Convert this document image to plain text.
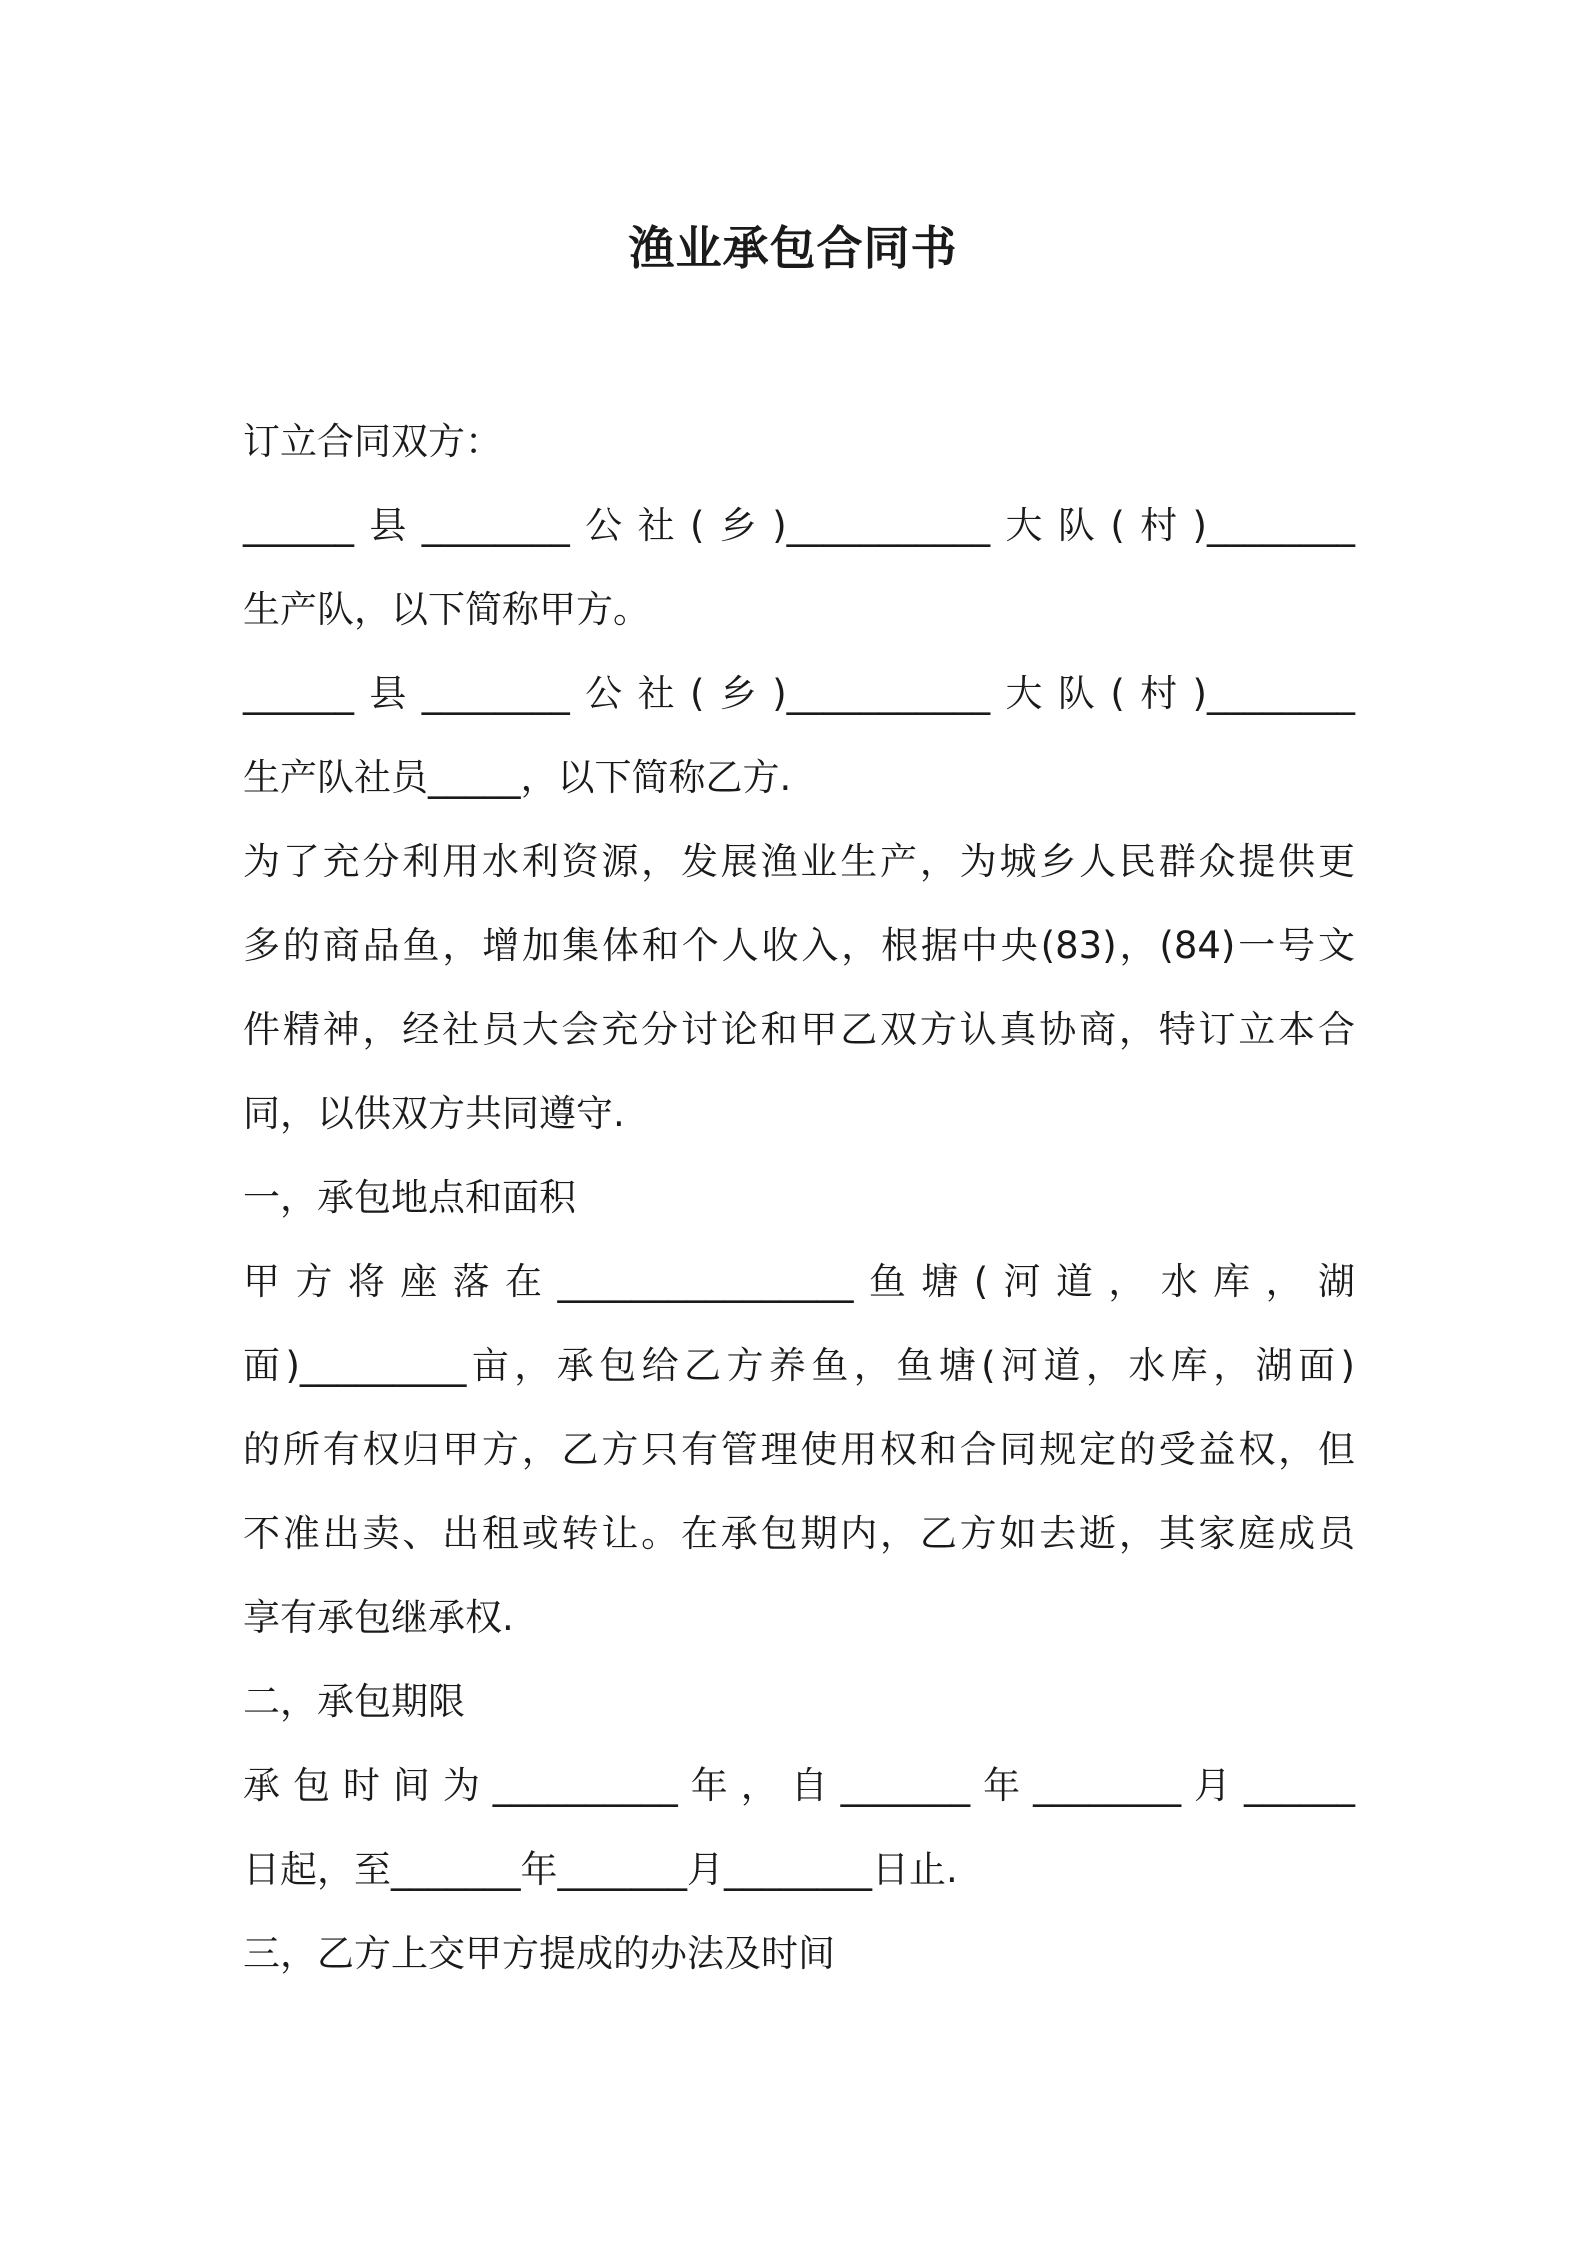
渔业承包合同书
订立合同双方：
______县________公社(乡)___________大队(村)________
生产队，以下简称甲方。
______县________公社(乡)___________大队(村)________
生产队社员_____，以下简称乙方.
为了充分利用水利资源，发展渔业生产，为城乡人民群众提供更
多的商品鱼，增加集体和个人收入，根据中央(83)，(84)一号文
件精神，经社员大会充分讨论和甲乙双方认真协商，特订立本合
同，以供双方共同遵守.
一，承包地点和面积
甲方将座落在________________鱼塘(河道，水库，湖
面)_________亩，承包给乙方养鱼，鱼塘(河道，水库，湖面)
的所有权归甲方，乙方只有管理使用权和合同规定的受益权，但
不准出卖、出租或转让。在承包期内，乙方如去逝，其家庭成员
享有承包继承权.
二，承包期限
承包时间为__________年，自_______年________月______
日起，至_______年_______月________日止.
三，乙方上交甲方提成的办法及时间
